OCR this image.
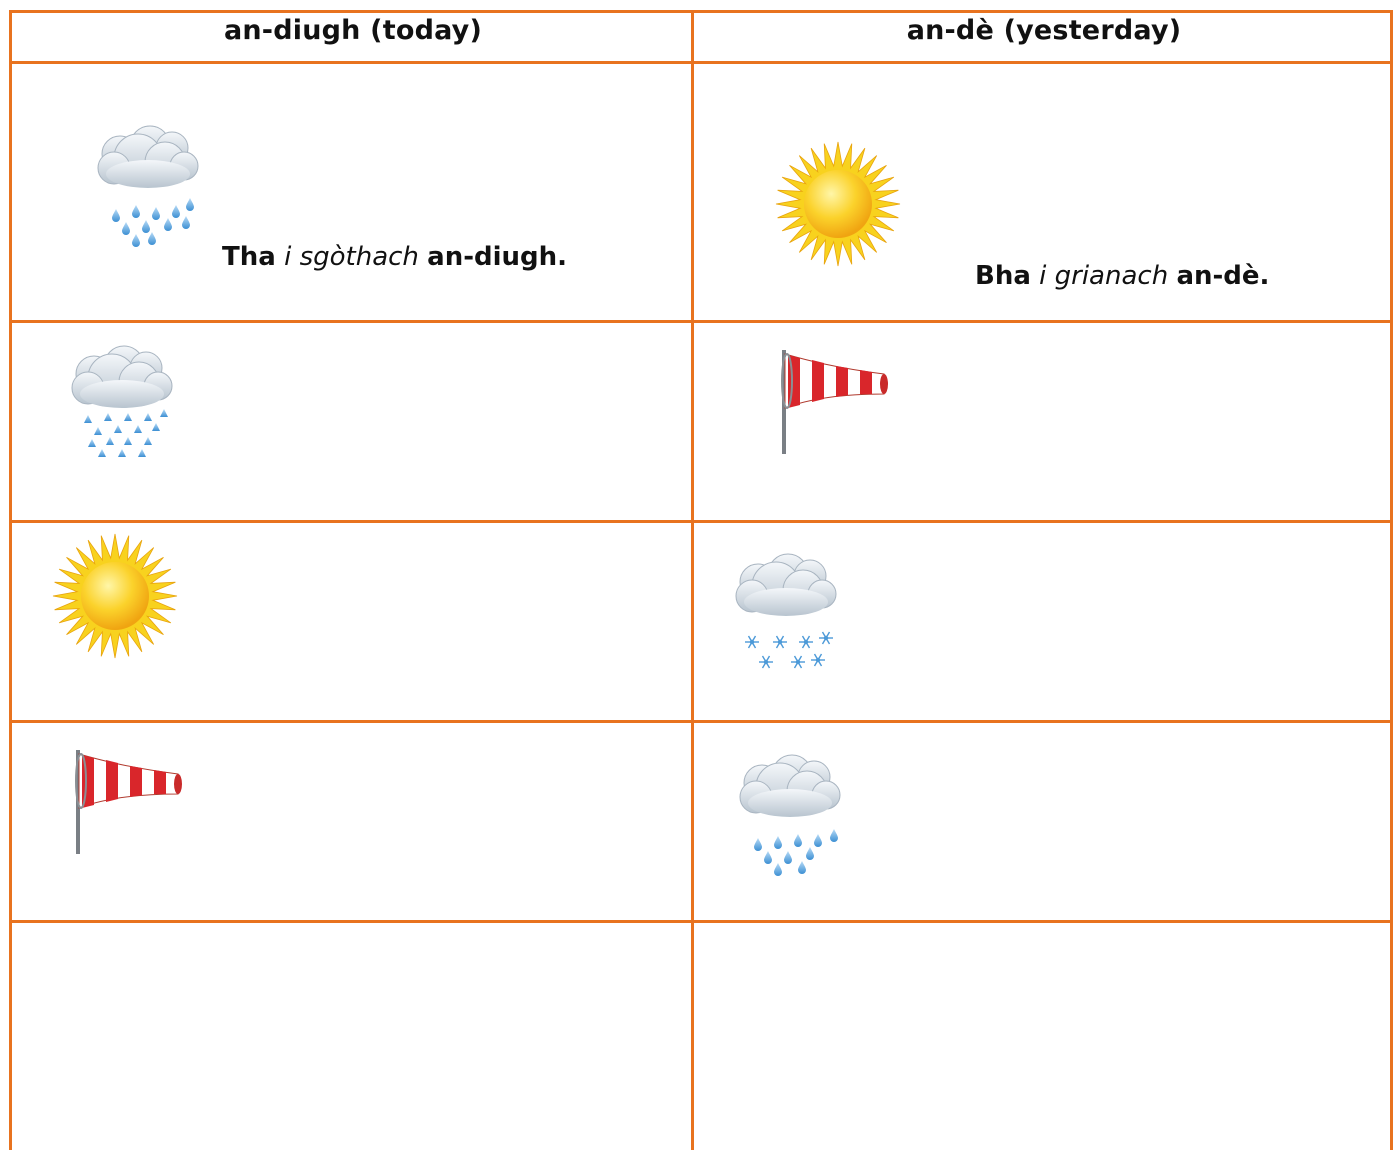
an-diugh (today)	an-dè (yesterday)
Tha i sgòthach an-diugh.
Bha i grianach an-dè.
